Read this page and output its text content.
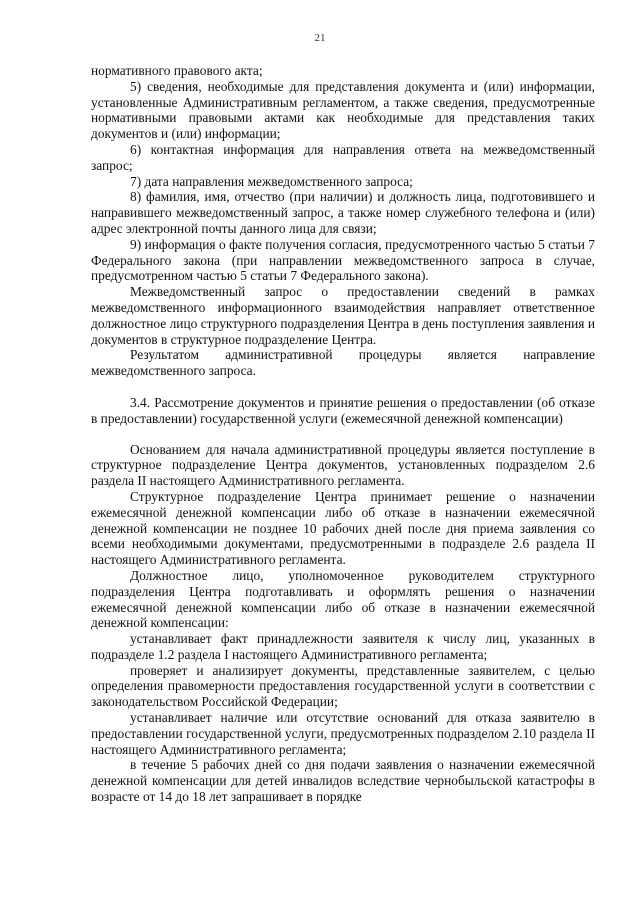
21

нормативного правового акта;

5) сведения, необходимые для представления документа и (или) информации, установленные Административным регламентом, а также сведения, предусмотренные нормативными правовыми актами как необходимые для представления таких документов и (или) информации;

6) контактная информация для направления ответа на межведомственный запрос;

7) дата направления межведомственного запроса;

8) фамилия, имя, отчество (при наличии) и должность лица, подготовившего и направившего межведомственный запрос, а также номер служебного телефона и (или) адрес электронной почты данного лица для связи;

9) информация о факте получения согласия, предусмотренного частью 5 статьи 7 Федерального закона (при направлении межведомственного запроса в случае, предусмотренном частью 5 статьи 7 Федерального закона).

Межведомственный запрос о предоставлении сведений в рамках межведомственного информационного взаимодействия направляет ответственное должностное лицо структурного подразделения Центра в день поступления заявления и документов в структурное подразделение Центра.

Результатом административной процедуры является направление межведомственного запроса.

3.4. Рассмотрение документов и принятие решения о предоставлении (об отказе в предоставлении) государственной услуги (ежемесячной денежной компенсации)

Основанием для начала административной процедуры является поступление в структурное подразделение Центра документов, установленных подразделом 2.6 раздела II настоящего Административного регламента.

Структурное подразделение Центра принимает решение о назначении ежемесячной денежной компенсации либо об отказе в назначении ежемесячной денежной компенсации не позднее 10 рабочих дней после дня приема заявления со всеми необходимыми документами, предусмотренными в подразделе 2.6 раздела II настоящего Административного регламента.

Должностное лицо, уполномоченное руководителем структурного подразделения Центра подготавливать и оформлять решения о назначении ежемесячной денежной компенсации либо об отказе в назначении ежемесячной денежной компенсации:

устанавливает факт принадлежности заявителя к числу лиц, указанных в подразделе 1.2 раздела I настоящего Административного регламента;

проверяет и анализирует документы, представленные заявителем, с целью определения правомерности предоставления государственной услуги в соответствии с законодательством Российской Федерации;

устанавливает наличие или отсутствие оснований для отказа заявителю в предоставлении государственной услуги, предусмотренных подразделом 2.10 раздела II настоящего Административного регламента;

в течение 5 рабочих дней со дня подачи заявления о назначении ежемесячной денежной компенсации для детей инвалидов вследствие чернобыльской катастрофы в возрасте от 14 до 18 лет запрашивает в порядке
